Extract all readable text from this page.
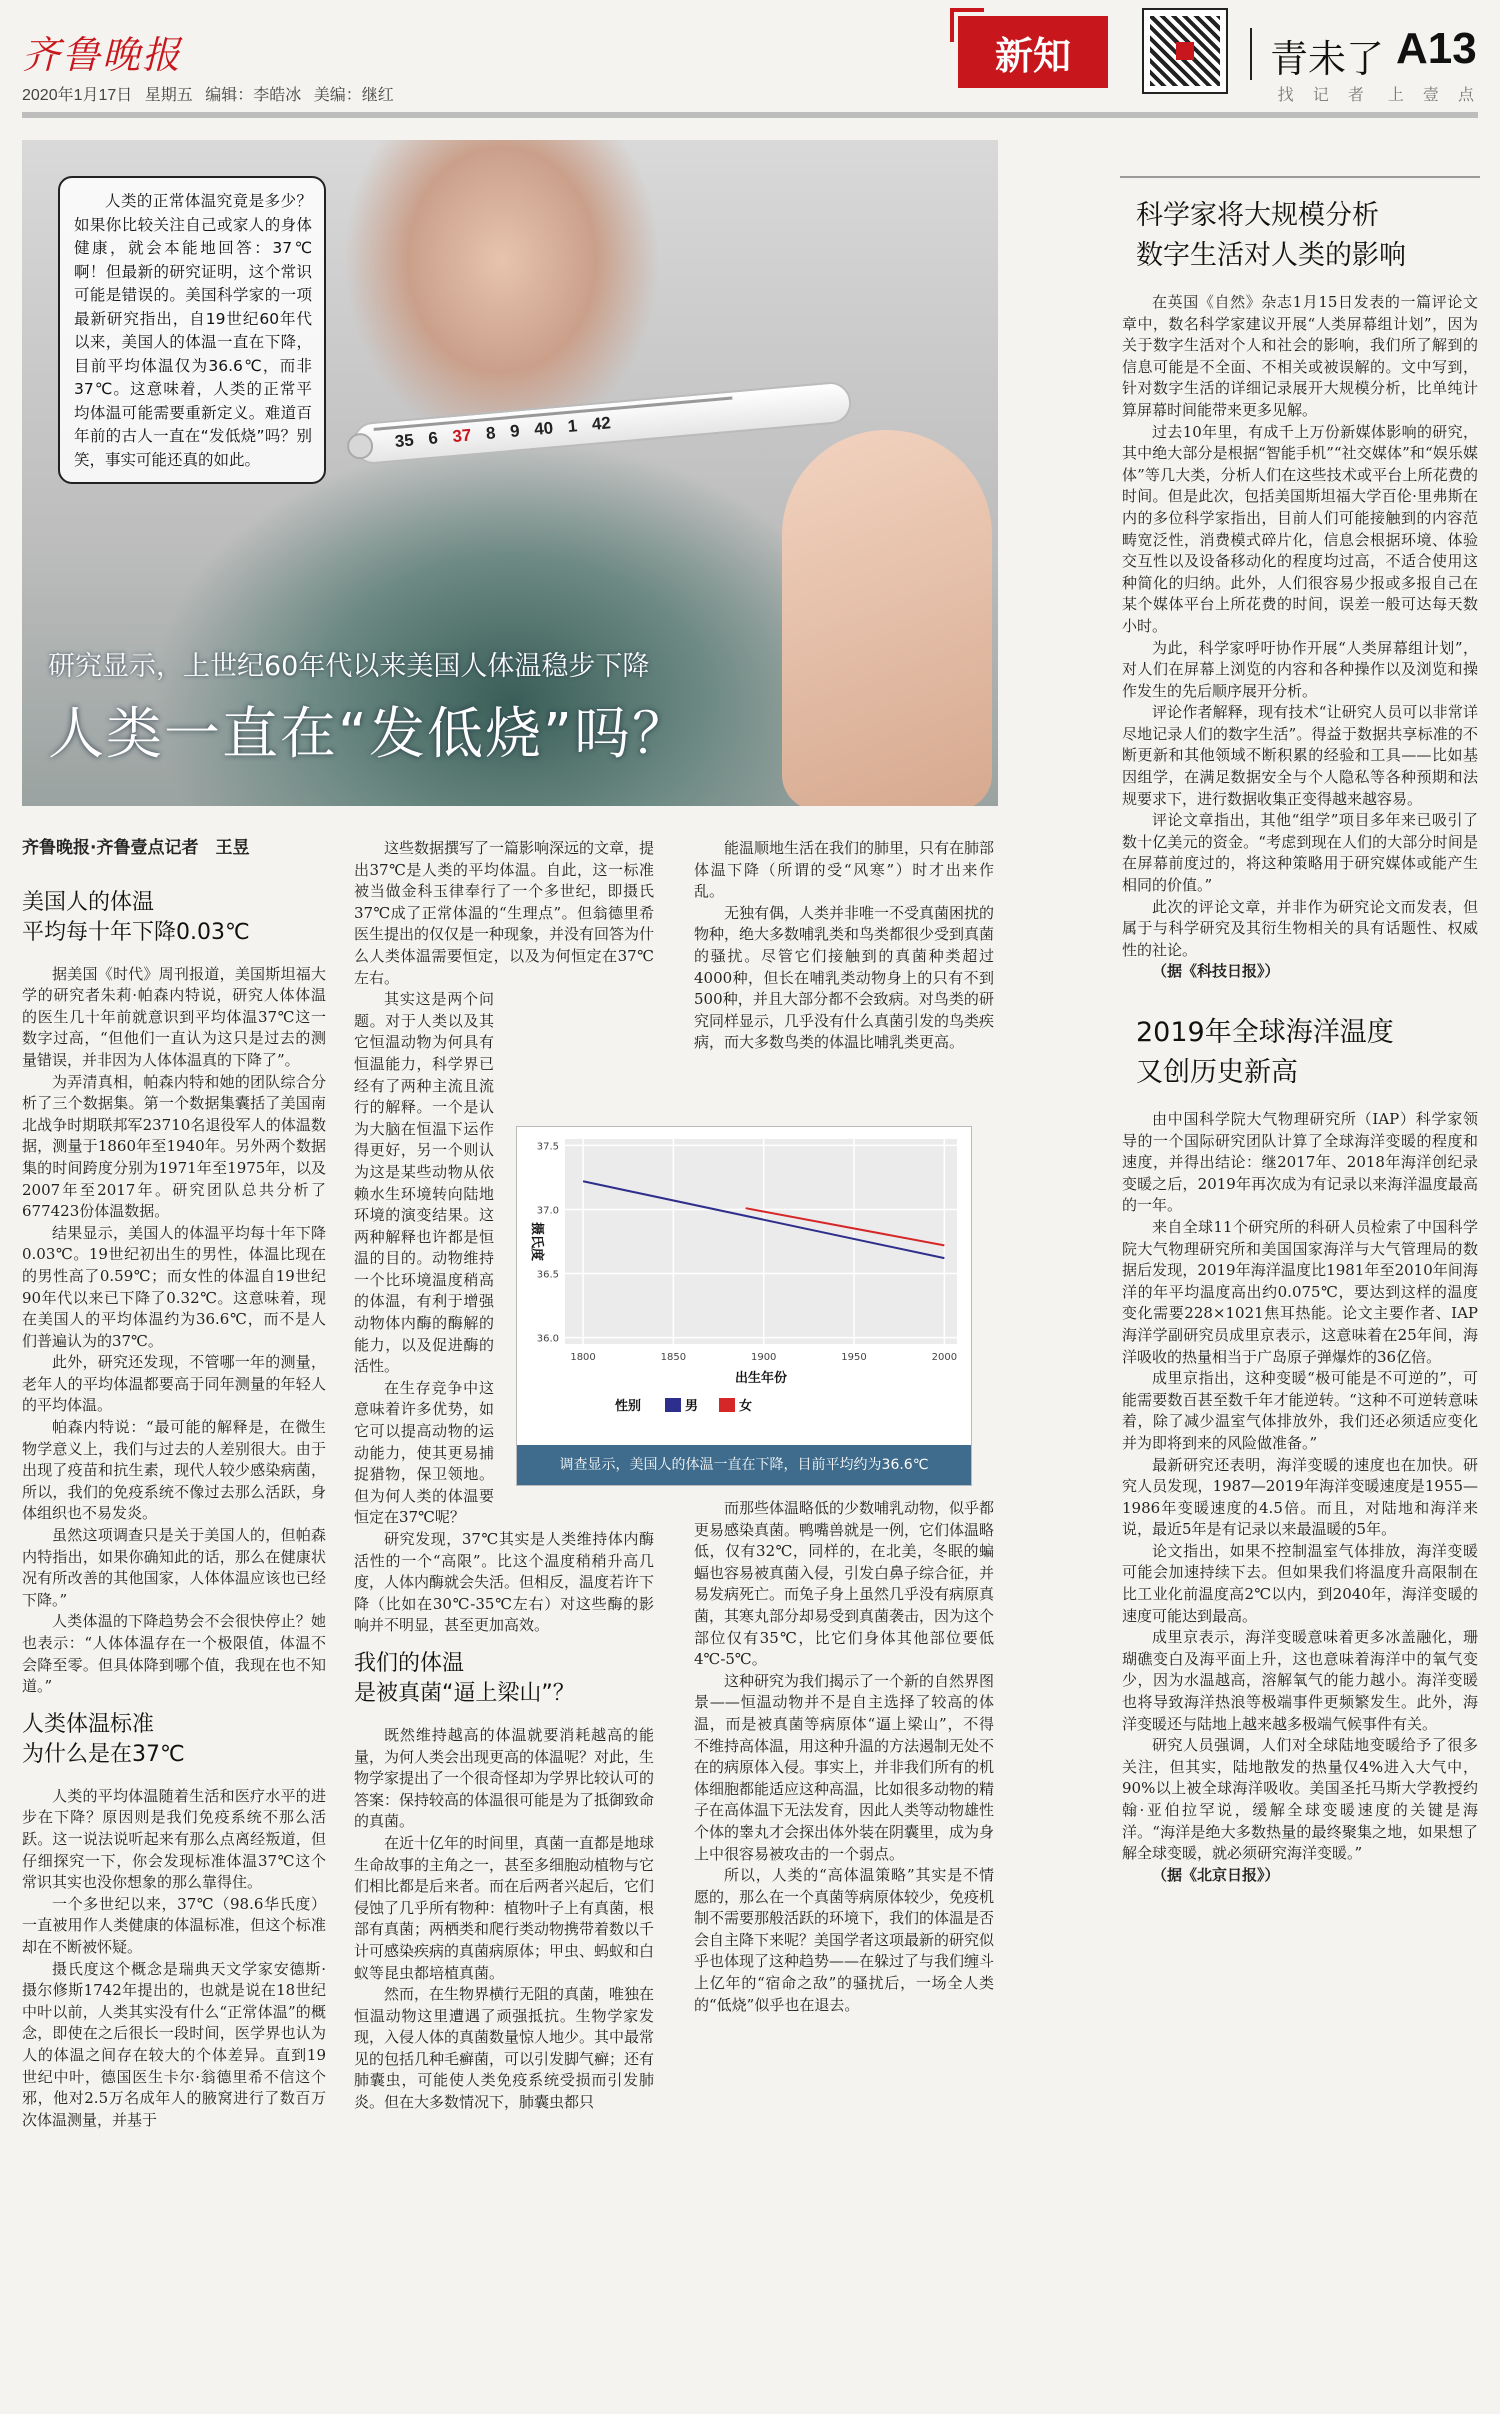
齐鲁晚报
2020年1月17日 星期五 编辑：李皓冰 美编：继红
新知	青未了 A13
找 记 者　上 壹 点
35 6 37 8 9 40 1 42
人类的正常体温究竟是多少？如果你比较关注自己或家人的身体健康，就会本能地回答：37℃啊！但最新的研究证明，这个常识可能是错误的。美国科学家的一项最新研究指出，自19世纪60年代以来，美国人的体温一直在下降，目前平均体温仅为36.6℃，而非37℃。这意味着，人类的正常平均体温可能需要重新定义。难道百年前的古人一直在“发低烧”吗？别笑，事实可能还真的如此。
研究显示，上世纪60年代以来美国人体温稳步下降
人类一直在“发低烧”吗？

齐鲁晚报·齐鲁壹点记者　王昱

美国人的体温
平均每十年下降0.03℃

据美国《时代》周刊报道，美国斯坦福大学的研究者朱莉·帕森内特说，研究人体体温的医生几十年前就意识到平均体温37℃这一数字过高，“但他们一直认为这只是过去的测量错误，并非因为人体体温真的下降了”。

为弄清真相，帕森内特和她的团队综合分析了三个数据集。第一个数据集囊括了美国南北战争时期联邦军23710名退役军人的体温数据，测量于1860年至1940年。另外两个数据集的时间跨度分别为1971年至1975年，以及2007年至2017年。研究团队总共分析了677423份体温数据。

结果显示，美国人的体温平均每十年下降0.03℃。19世纪初出生的男性，体温比现在的男性高了0.59℃；而女性的体温自19世纪90年代以来已下降了0.32℃。这意味着，现在美国人的平均体温约为36.6℃，而不是人们普遍认为的37℃。

此外，研究还发现，不管哪一年的测量，老年人的平均体温都要高于同年测量的年轻人的平均体温。

帕森内特说：“最可能的解释是，在微生物学意义上，我们与过去的人差别很大。由于出现了疫苗和抗生素，现代人较少感染病菌，所以，我们的免疫系统不像过去那么活跃，身体组织也不易发炎。

虽然这项调查只是关于美国人的，但帕森内特指出，如果你确知此的话，那么在健康状况有所改善的其他国家，人体体温应该也已经下降。”

人类体温的下降趋势会不会很快停止？她也表示：“人体体温存在一个极限值，体温不会降至零。但具体降到哪个值，我现在也不知道。”

人类体温标准
为什么是在37℃

人类的平均体温随着生活和医疗水平的进步在下降？原因则是我们免疫系统不那么活跃。这一说法说听起来有那么点离经叛道，但仔细探究一下，你会发现标准体温37℃这个常识其实也没你想象的那么靠得住。

一个多世纪以来，37℃（98.6华氏度）一直被用作人类健康的体温标准，但这个标准却在不断被怀疑。

摄氏度这个概念是瑞典天文学家安德斯·摄尔修斯1742年提出的，也就是说在18世纪中叶以前，人类其实没有什么“正常体温”的概念，即使在之后很长一段时间，医学界也认为人的体温之间存在较大的个体差异。直到19世纪中叶，德国医生卡尔·翁德里希不信这个邪，他对2.5万名成年人的腋窝进行了数百万次体温测量，并基于

这些数据撰写了一篇影响深远的文章，提出37℃是人类的平均体温。自此，这一标准被当做金科玉律奉行了一个多世纪，即摄氏37℃成了正常体温的“生理点”。但翁德里希医生提出的仅仅是一种现象，并没有回答为什么人类体温需要恒定，以及为何恒定在37℃左右。

其实这是两个问题。对于人类以及其它恒温动物为何具有恒温能力，科学界已经有了两种主流且流行的解释。一个是认为大脑在恒温下运作得更好，另一个则认为这是某些动物从依赖水生环境转向陆地环境的演变结果。这两种解释也许都是恒温的目的。动物维持一个比环境温度稍高的体温，有利于增强动物体内酶的酶解的能力，以及促进酶的活性。

在生存竞争中这意味着许多优势，如它可以提高动物的运动能力，使其更易捕捉猎物，保卫领地。但为何人类的体温要恒定在37℃呢？

研究发现，37℃其实是人类维持体内酶活性的一个“高限”。比这个温度稍稍升高几度，人体内酶就会失活。但相反，温度若许下降（比如在30℃-35℃左右）对这些酶的影响并不明显，甚至更加高效。

我们的体温
是被真菌“逼上梁山”？

既然维持越高的体温就要消耗越高的能量，为何人类会出现更高的体温呢？对此，生物学家提出了一个很奇怪却为学界比较认可的答案：保持较高的体温很可能是为了抵御致命的真菌。

在近十亿年的时间里，真菌一直都是地球生命故事的主角之一，甚至多细胞动植物与它们相比都是后来者。而在后两者兴起后，它们侵蚀了几乎所有物种：植物叶子上有真菌，根部有真菌；两栖类和爬行类动物携带着数以千计可感染疾病的真菌病原体；甲虫、蚂蚁和白蚁等昆虫都培植真菌。

然而，在生物界横行无阻的真菌，唯独在恒温动物这里遭遇了顽强抵抗。生物学家发现，入侵人体的真菌数量惊人地少。其中最常见的包括几种毛癣菌，可以引发脚气癣；还有肺囊虫，可能使人类免疫系统受损而引发肺炎。但在大多数情况下，肺囊虫都只

能温顺地生活在我们的肺里，只有在肺部体温下降（所谓的受“风寒”）时才出来作乱。

无独有偶，人类并非唯一不受真菌困扰的物种，绝大多数哺乳类和鸟类都很少受到真菌的骚扰。尽管它们接触到的真菌种类超过4000种，但长在哺乳类动物身上的只有不到500种，并且大部分都不会致病。对鸟类的研究同样显示，几乎没有什么真菌引发的鸟类疾病，而大多数鸟类的体温比哺乳类更高。

而那些体温略低的少数哺乳动物，似乎都更易感染真菌。鸭嘴兽就是一例，它们体温略低，仅有32℃，同样的，在北美，冬眠的蝙蝠也容易被真菌入侵，引发白鼻子综合征，并易发病死亡。而兔子身上虽然几乎没有病原真菌，其寒丸部分却易受到真菌袭击，因为这个部位仅有35℃，比它们身体其他部位要低4℃-5℃。

这种研究为我们揭示了一个新的自然界图景——恒温动物并不是自主选择了较高的体温，而是被真菌等病原体“逼上梁山”，不得不维持高体温，用这种升温的方法遏制无处不在的病原体入侵。事实上，并非我们所有的机体细胞都能适应这种高温，比如很多动物的精子在高体温下无法发育，因此人类等动物雄性个体的睾丸才会探出体外装在阴囊里，成为身上中很容易被攻击的一个弱点。

所以，人类的“高体温策略”其实是不情愿的，那么在一个真菌等病原体较少，免疫机制不需要那般活跃的环境下，我们的体温是否会自主降下来呢？美国学者这项最新的研究似乎也体现了这种趋势——在躲过了与我们缠斗上亿年的“宿命之敌”的骚扰后，一场全人类的“低烧”似乎也在退去。

1800	1850	1900	1950	2000
36.0
36.5
37.0
37.5
出生年份
摄氏度
性别	男	女
调查显示，美国人的体温一直在下降，目前平均约为36.6℃
科学家将大规模分析
数字生活对人类的影响

在英国《自然》杂志1月15日发表的一篇评论文章中，数名科学家建议开展“人类屏幕组计划”，因为关于数字生活对个人和社会的影响，我们所了解到的信息可能是不全面、不相关或被误解的。文中写到，针对数字生活的详细记录展开大规模分析，比单纯计算屏幕时间能带来更多见解。

过去10年里，有成千上万份新媒体影响的研究，其中绝大部分是根据“智能手机”“社交媒体”和“娱乐媒体”等几大类，分析人们在这些技术或平台上所花费的时间。但是此次，包括美国斯坦福大学百伦·里弗斯在内的多位科学家指出，目前人们可能接触到的内容范畴宽泛性，消费模式碎片化，信息会根据环境、体验交互性以及设备移动化的程度均过高，不适合使用这种简化的归纳。此外，人们很容易少报或多报自己在某个媒体平台上所花费的时间，误差一般可达每天数小时。

为此，科学家呼吁协作开展“人类屏幕组计划”，对人们在屏幕上浏览的内容和各种操作以及浏览和操作发生的先后顺序展开分析。

评论作者解释，现有技术“让研究人员可以非常详尽地记录人们的数字生活”。得益于数据共享标准的不断更新和其他领域不断积累的经验和工具——比如基因组学，在满足数据安全与个人隐私等各种预期和法规要求下，进行数据收集正变得越来越容易。

评论文章指出，其他“组学”项目多年来已吸引了数十亿美元的资金。“考虑到现在人们的大部分时间是在屏幕前度过的，将这种策略用于研究媒体或能产生相同的价值。”

此次的评论文章，并非作为研究论文而发表，但属于与科学研究及其衍生物相关的具有话题性、权威性的社论。

（据《科技日报》）

2019年全球海洋温度
又创历史新高

由中国科学院大气物理研究所（IAP）科学家领导的一个国际研究团队计算了全球海洋变暖的程度和速度，并得出结论：继2017年、2018年海洋创纪录变暖之后，2019年再次成为有记录以来海洋温度最高的一年。

来自全球11个研究所的科研人员检索了中国科学院大气物理研究所和美国国家海洋与大气管理局的数据后发现，2019年海洋温度比1981年至2010年间海洋的年平均温度高出约0.075℃，要达到这样的温度变化需要228×1021焦耳热能。论文主要作者、IAP海洋学副研究员成里京表示，这意味着在25年间，海洋吸收的热量相当于广岛原子弹爆炸的36亿倍。

成里京指出，这种变暖“极可能是不可逆的”，可能需要数百甚至数千年才能逆转。“这种不可逆转意味着，除了减少温室气体排放外，我们还必须适应变化并为即将到来的风险做准备。”

最新研究还表明，海洋变暖的速度也在加快。研究人员发现，1987—2019年海洋变暖速度是1955—1986年变暖速度的4.5倍。而且，对陆地和海洋来说，最近5年是有记录以来最温暖的5年。

论文指出，如果不控制温室气体排放，海洋变暖可能会加速持续下去。但如果我们将温度升高限制在比工业化前温度高2℃以内，到2040年，海洋变暖的速度可能达到最高。

成里京表示，海洋变暖意味着更多冰盖融化，珊瑚礁变白及海平面上升，这也意味着海洋中的氧气变少，因为水温越高，溶解氧气的能力越小。海洋变暖也将导致海洋热浪等极端事件更频繁发生。此外，海洋变暖还与陆地上越来越多极端气候事件有关。

研究人员强调，人们对全球陆地变暖给予了很多关注，但其实，陆地散发的热量仅4%进入大气中，90%以上被全球海洋吸收。美国圣托马斯大学教授约翰·亚伯拉罕说，缓解全球变暖速度的关键是海洋。“海洋是绝大多数热量的最终聚集之地，如果想了解全球变暖，就必须研究海洋变暖。”

（据《北京日报》）
